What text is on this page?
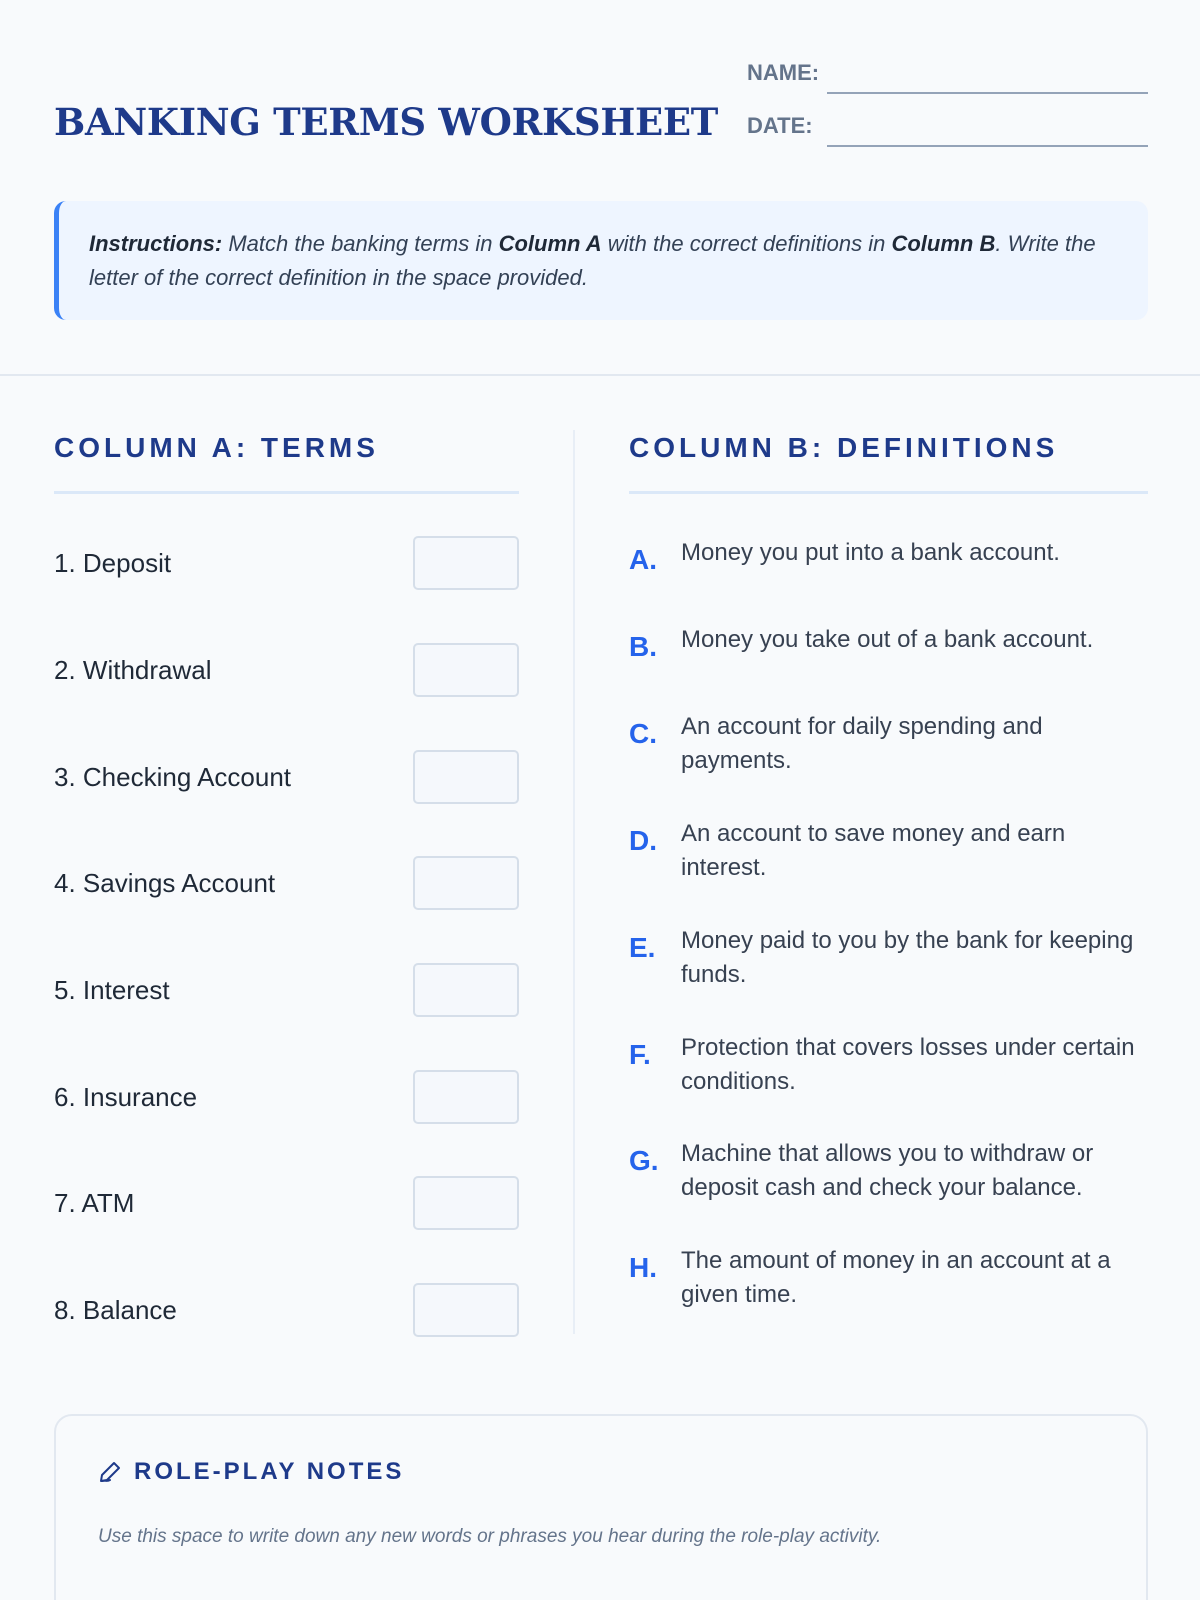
BANKING TERMS WORKSHEET
NAME:
DATE:
Instructions: Match the banking terms in Column A with the correct definitions in Column B. Write the letter of the correct definition in the space provided.
COLUMN A: TERMS
1. Deposit
2. Withdrawal
3. Checking Account
4. Savings Account
5. Interest
6. Insurance
7. ATM
8. Balance
COLUMN B: DEFINITIONS
A. Money you put into a bank account.
B. Money you take out of a bank account.
C. An account for daily spending and payments.
D. An account to save money and earn interest.
E. Money paid to you by the bank for keeping funds.
F. Protection that covers losses under certain conditions.
G. Machine that allows you to withdraw or deposit cash and check your balance.
H. The amount of money in an account at a given time.
ROLE-PLAY NOTES
Use this space to write down any new words or phrases you hear during the role-play activity.
